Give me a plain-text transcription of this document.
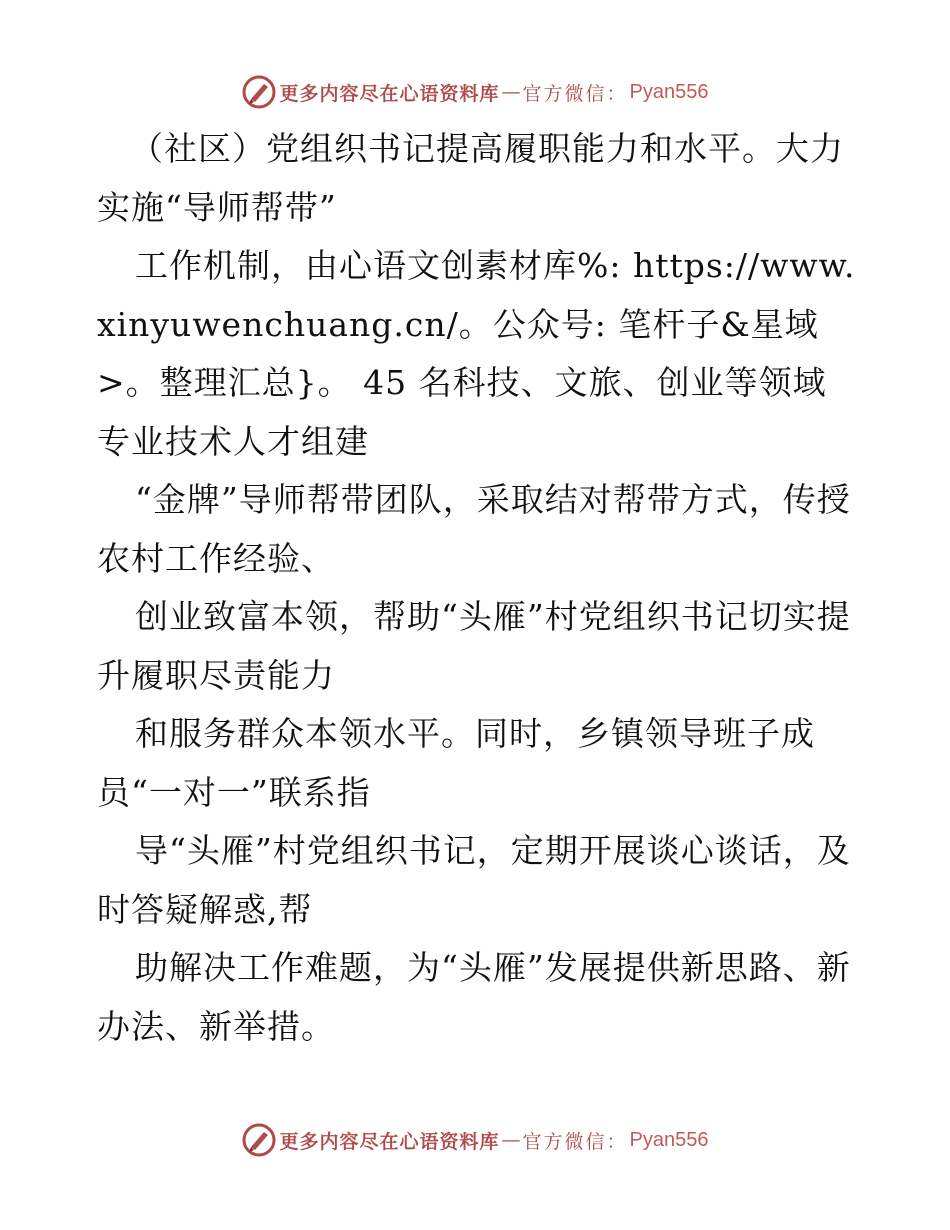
更多内容尽在心语资料库 — 官方微信： Pyan556

（社区）党组织书记提高履职能力和水平。大力实施“导师帮带”

工作机制，由心语文创素材库%: https://www.xinyuwenchuang.cn/。公众号: 笔杆子&星域>。整理汇总}。 45 名科技、文旅、创业等领域专业技术人才组建

“金牌”导师帮带团队，采取结对帮带方式，传授农村工作经验、

创业致富本领，帮助“头雁”村党组织书记切实提升履职尽责能力

和服务群众本领水平。同时，乡镇领导班子成员“一对一”联系指

导“头雁”村党组织书记，定期开展谈心谈话，及时答疑解惑,帮

助解决工作难题，为“头雁”发展提供新思路、新办法、新举措。

更多内容尽在心语资料库 — 官方微信： Pyan556
